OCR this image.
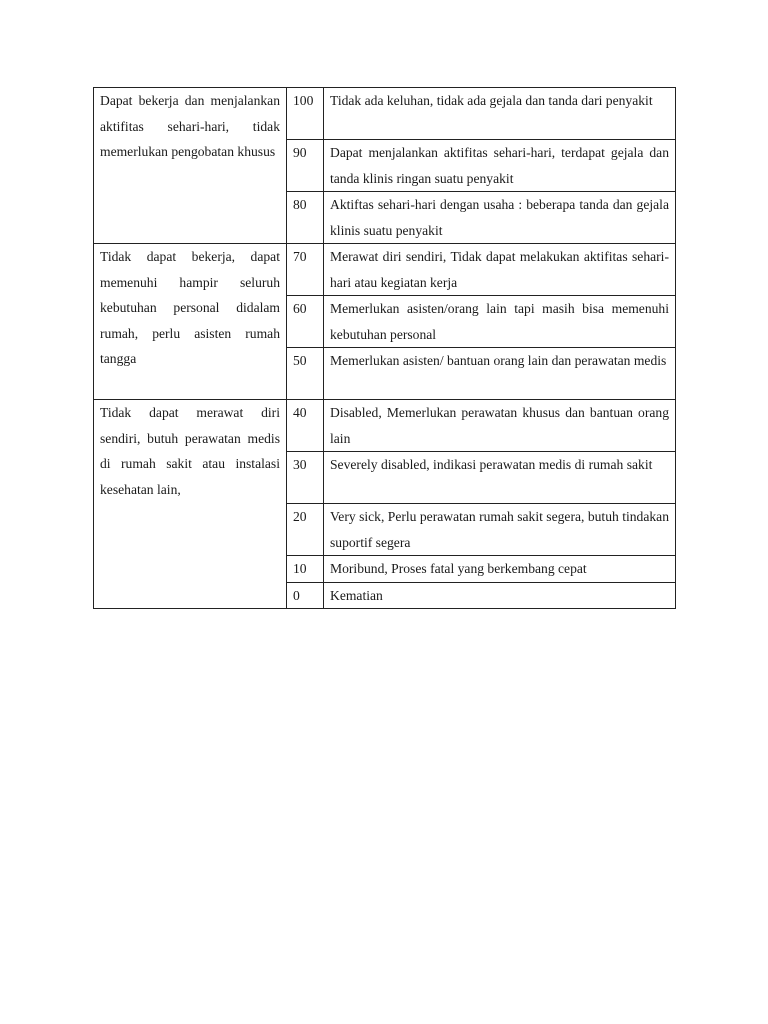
Dapat bekerja dan menjalankan aktifitas sehari-hari, tidak memerlukan pengobatan khusus	100	Tidak ada keluhan, tidak ada gejala dan tanda dari penyakit
	90	Dapat menjalankan aktifitas sehari-hari, terdapat gejala dan tanda klinis ringan suatu penyakit
	80	Aktiftas sehari-hari dengan usaha : beberapa tanda dan gejala klinis suatu penyakit
Tidak dapat bekerja, dapat memenuhi hampir seluruh kebutuhan personal didalam rumah, perlu asisten rumah tangga	70	Merawat diri sendiri, Tidak dapat melakukan aktifitas sehari-hari atau kegiatan kerja
	60	Memerlukan asisten/orang lain tapi masih bisa memenuhi kebutuhan personal
	50	Memerlukan asisten/ bantuan orang lain dan perawatan medis
Tidak dapat merawat diri sendiri, butuh perawatan medis di rumah sakit atau instalasi kesehatan lain,	40	Disabled, Memerlukan perawatan khusus dan bantuan orang lain
	30	Severely disabled, indikasi perawatan medis di rumah sakit
	20	Very sick, Perlu perawatan rumah sakit segera, butuh tindakan suportif segera
	10	Moribund, Proses fatal yang berkembang cepat
	0	Kematian
